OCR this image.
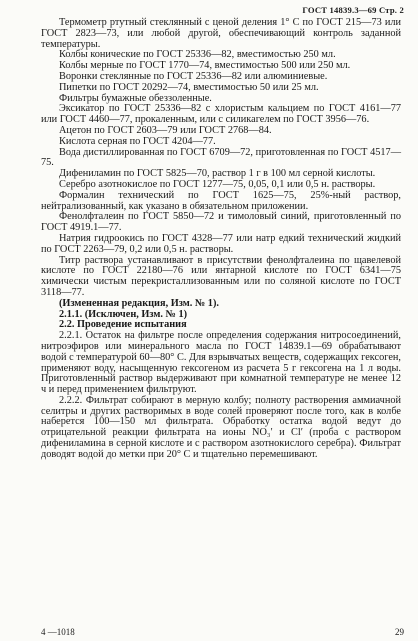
ГОСТ 14839.3—69 Стр. 2

Термометр ртутный стеклянный с ценой деления 1° С по ГОСТ 215—73 или ГОСТ 2823—73, или любой другой, обеспечивающий контроль заданной температуры.

Колбы конические по ГОСТ 25336—82, вместимостью 250 мл.

Колбы мерные по ГОСТ 1770—74, вместимостью 500 или 250 мл.

Воронки стеклянные по ГОСТ 25336—82 или алюминиевые.

Пипетки по ГОСТ 20292—74, вместимостью 50 или 25 мл.

Фильтры бумажные обеззоленные.

Эксикатор по ГОСТ 25336—82 с хлористым кальцием по ГОСТ 4161—77 или ГОСТ 4460—77, прокаленным, или с силикагелем по ГОСТ 3956—76.

Ацетон по ГОСТ 2603—79 или ГОСТ 2768—84.

Кислота серная по ГОСТ 4204—77.

Вода дистиллированная по ГОСТ 6709—72, приготовленная по ГОСТ 4517—75.

Дифениламин по ГОСТ 5825—70, раствор 1 г в 100 мл серной кислоты.

Серебро азотнокислое по ГОСТ 1277—75, 0,05, 0,1 или 0,5 н. растворы.

Формалин технический по ГОСТ 1625—75, 25%-ный раствор, нейтрализованный, как указано в обязательном приложении.

Фенолфталеин по ГОСТ 5850—72 и тимоловый синий, приготовленный по ГОСТ 4919.1—77.

Натрия гидроокись по ГОСТ 4328—77 или натр едкий технический жидкий по ГОСТ 2263—79, 0,2 или 0,5 н. растворы.

Титр раствора устанавливают в присутствии фенолфталеина по щавелевой кислоте по ГОСТ 22180—76 или янтарной кислоте по ГОСТ 6341—75 химически чистым перекристаллизованным или по соляной кислоте по ГОСТ 3118—77.

(Измененная редакция, Изм. № 1).

2.1.1. (Исключен, Изм. № 1)

2.2. Проведение испытания

2.2.1. Остаток на фильтре после определения содержания нитросоединений, нитроэфиров или минерального масла по ГОСТ 14839.1—69 обрабатывают водой с температурой 60—80° С. Для взрывчатых веществ, содержащих гексоген, применяют воду, насыщенную гексогеном из расчета 5 г гексогена на 1 л воды. Приготовленный раствор выдерживают при комнатной температуре не менее 12 ч и перед применением фильтруют.

2.2.2. Фильтрат собирают в мерную колбу; полноту растворения аммиачной селитры и других растворимых в воде солей проверяют после того, как в колбе наберется 100—150 мл фильтрата. Обработку остатка водой ведут до отрицательной реакции фильтрата на ионы NO₃′ и Cl′ (проба с раствором дифениламина в серной кислоте и с раствором азотнокислого серебра). Фильтрат доводят водой до метки при 20° С и тщательно перемешивают.

4 —1018	29
